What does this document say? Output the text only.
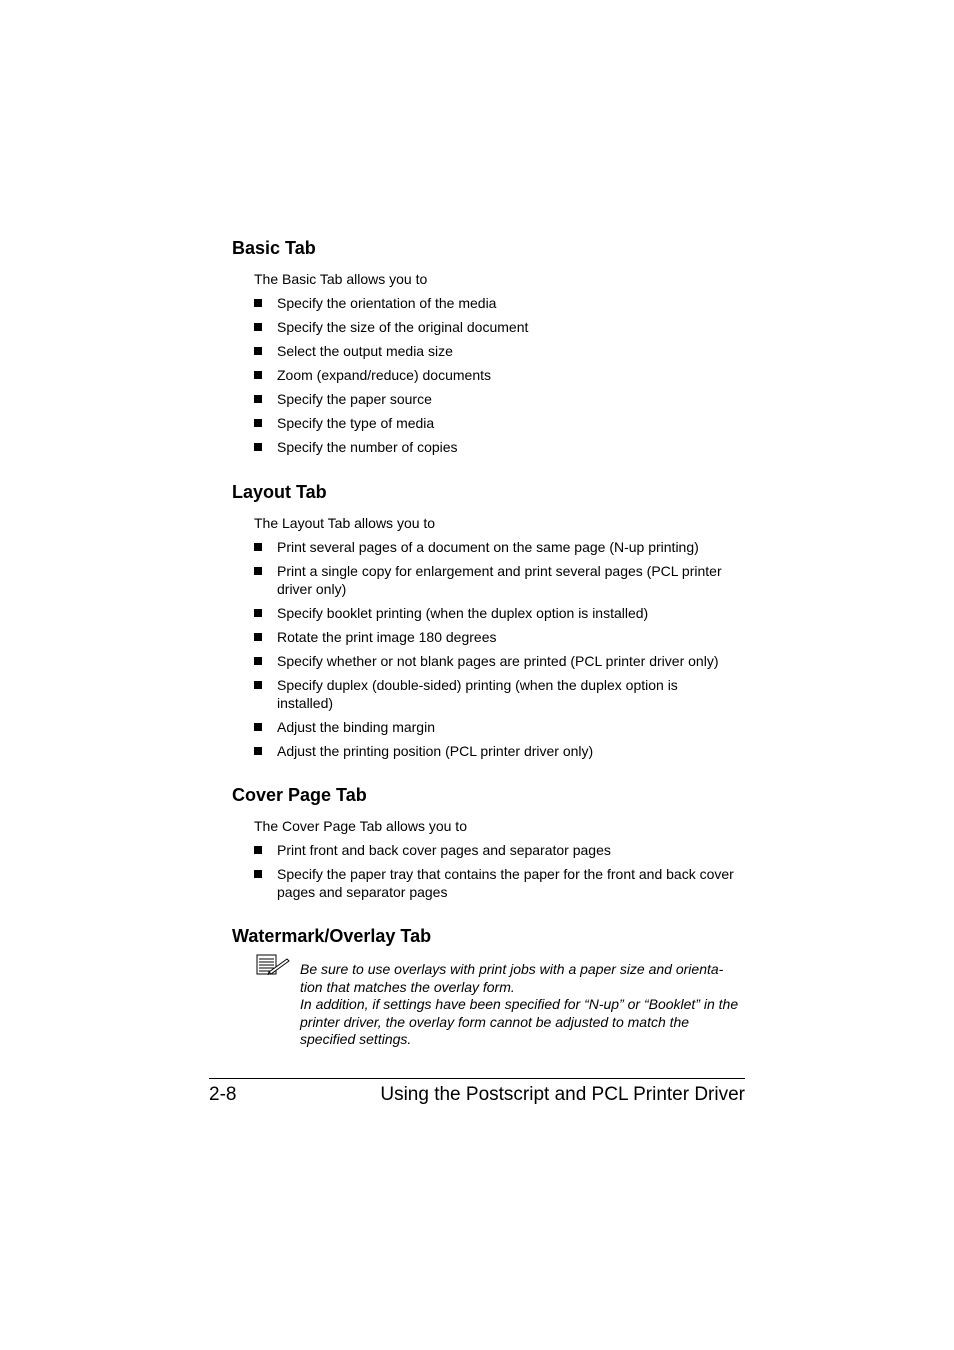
Basic Tab

The Basic Tab allows you to

Specify the orientation of the media
Specify the size of the original document
Select the output media size
Zoom (expand/reduce) documents
Specify the paper source
Specify the type of media
Specify the number of copies
Layout Tab

The Layout Tab allows you to

Print several pages of a document on the same page (N-up printing)
Print a single copy for enlargement and print several pages (PCL printer driver only)
Specify booklet printing (when the duplex option is installed)
Rotate the print image 180 degrees
Specify whether or not blank pages are printed (PCL printer driver only)
Specify duplex (double-sided) printing (when the duplex option is installed)
Adjust the binding margin
Adjust the printing position (PCL printer driver only)
Cover Page Tab

The Cover Page Tab allows you to

Print front and back cover pages and separator pages
Specify the paper tray that contains the paper for the front and back cover pages and separator pages
Watermark/Overlay Tab

Be sure to use overlays with print jobs with a paper size and orienta-tion that matches the overlay form.

In addition, if settings have been specified for “N-up” or “Booklet” in the printer driver, the overlay form cannot be adjusted to match the specified settings.

2-8	Using the Postscript and PCL Printer Driver
